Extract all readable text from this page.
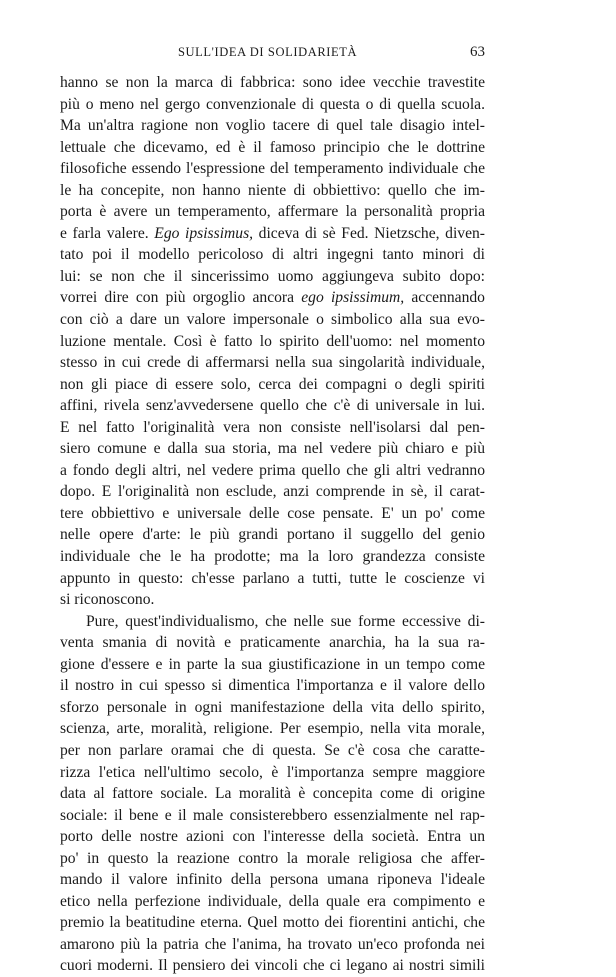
SULL'IDEA DI SOLIDARIETÀ	63
hanno se non la marca di fabbrica: sono idee vecchie travestite
più o meno nel gergo convenzionale di questa o di quella scuola.
Ma un'altra ragione non voglio tacere di quel tale disagio intel-
lettuale che dicevamo, ed è il famoso principio che le dottrine
filosofiche essendo l'espressione del temperamento individuale che
le ha concepite, non hanno niente di obbiettivo: quello che im-
porta è avere un temperamento, affermare la personalità propria
e farla valere. Ego ipsissimus, diceva di sè Fed. Nietzsche, diven-
tato poi il modello pericoloso di altri ingegni tanto minori di
lui: se non che il sincerissimo uomo aggiungeva subito dopo:
vorrei dire con più orgoglio ancora ego ipsissimum, accennando
con ciò a dare un valore impersonale o simbolico alla sua evo-
luzione mentale. Così è fatto lo spirito dell'uomo: nel momento
stesso in cui crede di affermarsi nella sua singolarità individuale,
non gli piace di essere solo, cerca dei compagni o degli spiriti
affini, rivela senz'avvedersene quello che c'è di universale in lui.
E nel fatto l'originalità vera non consiste nell'isolarsi dal pen-
siero comune e dalla sua storia, ma nel vedere più chiaro e più
a fondo degli altri, nel vedere prima quello che gli altri vedranno
dopo. E l'originalità non esclude, anzi comprende in sè, il carat-
tere obbiettivo e universale delle cose pensate. E' un po' come
nelle opere d'arte: le più grandi portano il suggello del genio
individuale che le ha prodotte; ma la loro grandezza consiste
appunto in questo: ch'esse parlano a tutti, tutte le coscienze vi
si riconoscono.
Pure, quest'individualismo, che nelle sue forme eccessive di-
venta smania di novità e praticamente anarchia, ha la sua ra-
gione d'essere e in parte la sua giustificazione in un tempo come
il nostro in cui spesso si dimentica l'importanza e il valore dello
sforzo personale in ogni manifestazione della vita dello spirito,
scienza, arte, moralità, religione. Per esempio, nella vita morale,
per non parlare oramai che di questa. Se c'è cosa che caratte-
rizza l'etica nell'ultimo secolo, è l'importanza sempre maggiore
data al fattore sociale. La moralità è concepita come di origine
sociale: il bene e il male consisterebbero essenzialmente nel rap-
porto delle nostre azioni con l'interesse della società. Entra un
po' in questo la reazione contro la morale religiosa che affer-
mando il valore infinito della persona umana riponeva l'ideale
etico nella perfezione individuale, della quale era compimento e
premio la beatitudine eterna. Quel motto dei fiorentini antichi, che
amarono più la patria che l'anima, ha trovato un'eco profonda nei
cuori moderni. Il pensiero dei vincoli che ci legano ai nostri simili
